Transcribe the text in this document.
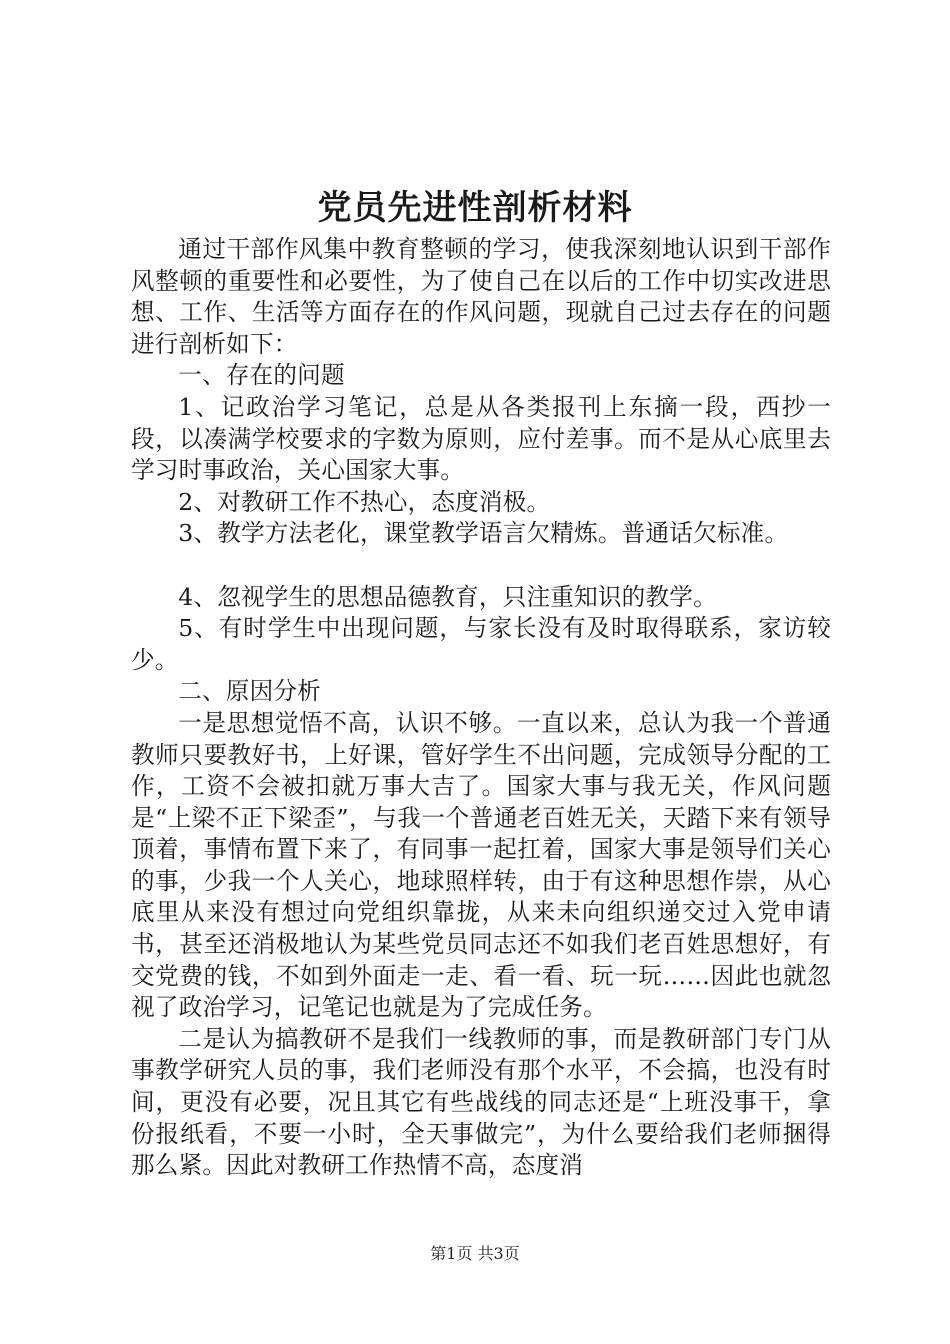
党员先进性剖析材料

通过干部作风集中教育整顿的学习，使我深刻地认识到干部作风整顿的重要性和必要性，为了使自己在以后的工作中切实改进思想、工作、生活等方面存在的作风问题，现就自己过去存在的问题进行剖析如下：

一、存在的问题

1、记政治学习笔记，总是从各类报刊上东摘一段，西抄一段，以凑满学校要求的字数为原则，应付差事。而不是从心底里去学习时事政治，关心国家大事。

2、对教研工作不热心，态度消极。

3、教学方法老化，课堂教学语言欠精炼。普通话欠标准。

4、忽视学生的思想品德教育，只注重知识的教学。

5、有时学生中出现问题，与家长没有及时取得联系，家访较少。

二、原因分析

一是思想觉悟不高，认识不够。一直以来，总认为我一个普通教师只要教好书，上好课，管好学生不出问题，完成领导分配的工作，工资不会被扣就万事大吉了。国家大事与我无关，作风问题是“上梁不正下梁歪”，与我一个普通老百姓无关，天踏下来有领导顶着，事情布置下来了，有同事一起扛着，国家大事是领导们关心的事，少我一个人关心，地球照样转，由于有这种思想作崇，从心底里从来没有想过向党组织靠拢，从来未向组织递交过入党申请书，甚至还消极地认为某些党员同志还不如我们老百姓思想好，有交党费的钱，不如到外面走一走、看一看、玩一玩……因此也就忽视了政治学习，记笔记也就是为了完成任务。

二是认为搞教研不是我们一线教师的事，而是教研部门专门从事教学研究人员的事，我们老师没有那个水平，不会搞，也没有时间，更没有必要，况且其它有些战线的同志还是“上班没事干，拿份报纸看，不要一小时，全天事做完”，为什么要给我们老师捆得那么紧。因此对教研工作热情不高，态度消

第1页 共3页
